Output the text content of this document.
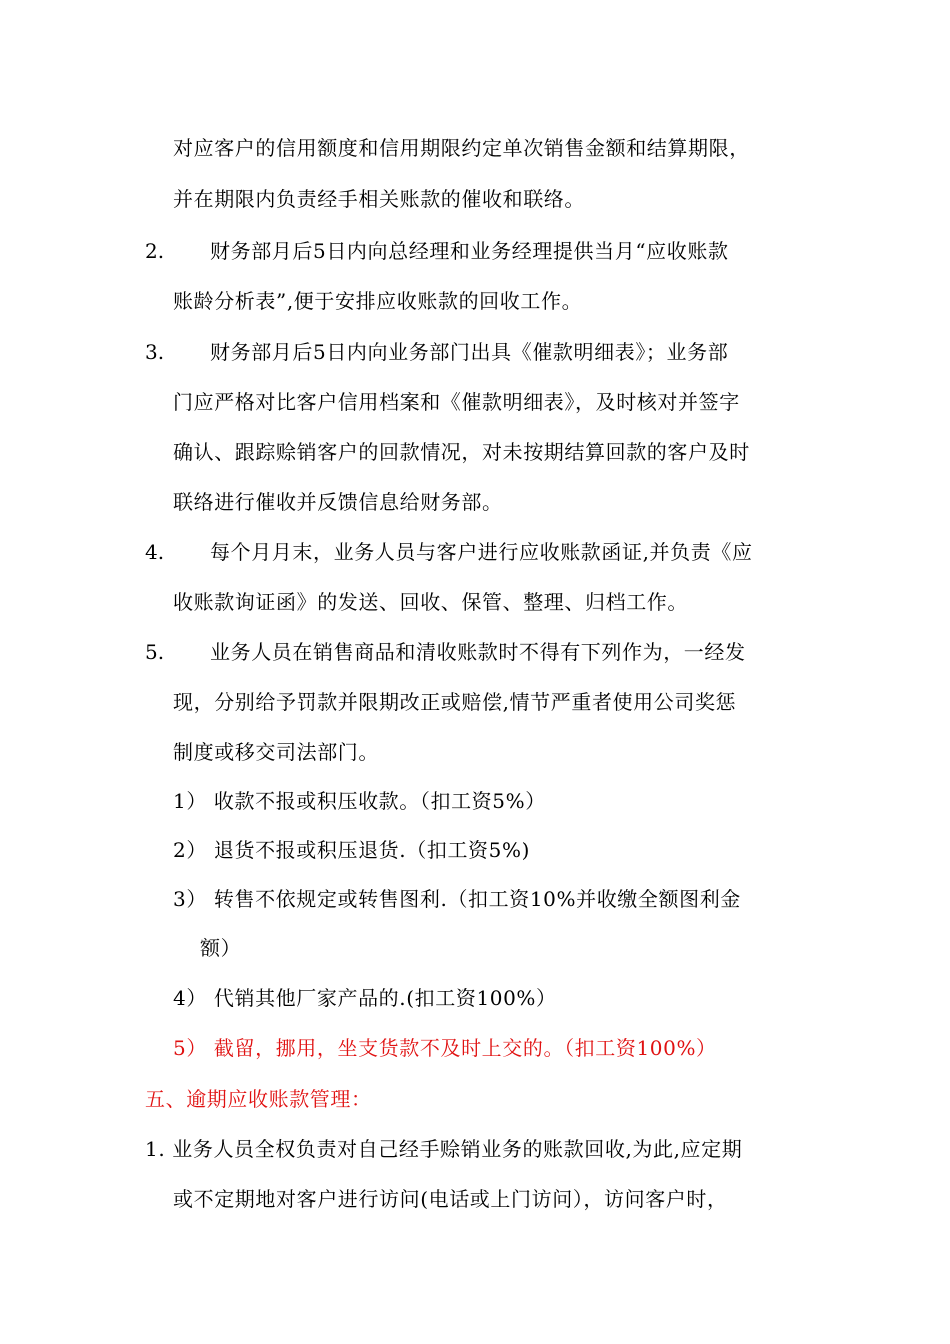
对应客户的信用额度和信用期限约定单次销售金额和结算期限，
并在期限内负责经手相关账款的催收和联络。
2. 财务部月后5日内向总经理和业务经理提供当月“应收账款
账龄分析表”,便于安排应收账款的回收工作。
3. 财务部月后5日内向业务部门出具《催款明细表》；业务部
门应严格对比客户信用档案和《催款明细表》，及时核对并签字
确认、跟踪赊销客户的回款情况，对未按期结算回款的客户及时
联络进行催收并反馈信息给财务部。
4. 每个月月末，业务人员与客户进行应收账款函证,并负责《应
收账款询证函》的发送、回收、保管、整理、归档工作。
5. 业务人员在销售商品和清收账款时不得有下列作为，一经发
现，分别给予罚款并限期改正或赔偿,情节严重者使用公司奖惩
制度或移交司法部门。
1） 收款不报或积压收款。（扣工资5%）
2） 退货不报或积压退货.（扣工资5%)
3） 转售不依规定或转售图利.（扣工资10%并收缴全额图利金
额）
4） 代销其他厂家产品的.(扣工资100%）
5） 截留，挪用，坐支货款不及时上交的。（扣工资100%）
五、逾期应收账款管理：
1. 业务人员全权负责对自己经手赊销业务的账款回收,为此,应定期
或不定期地对客户进行访问(电话或上门访问），访问客户时，
